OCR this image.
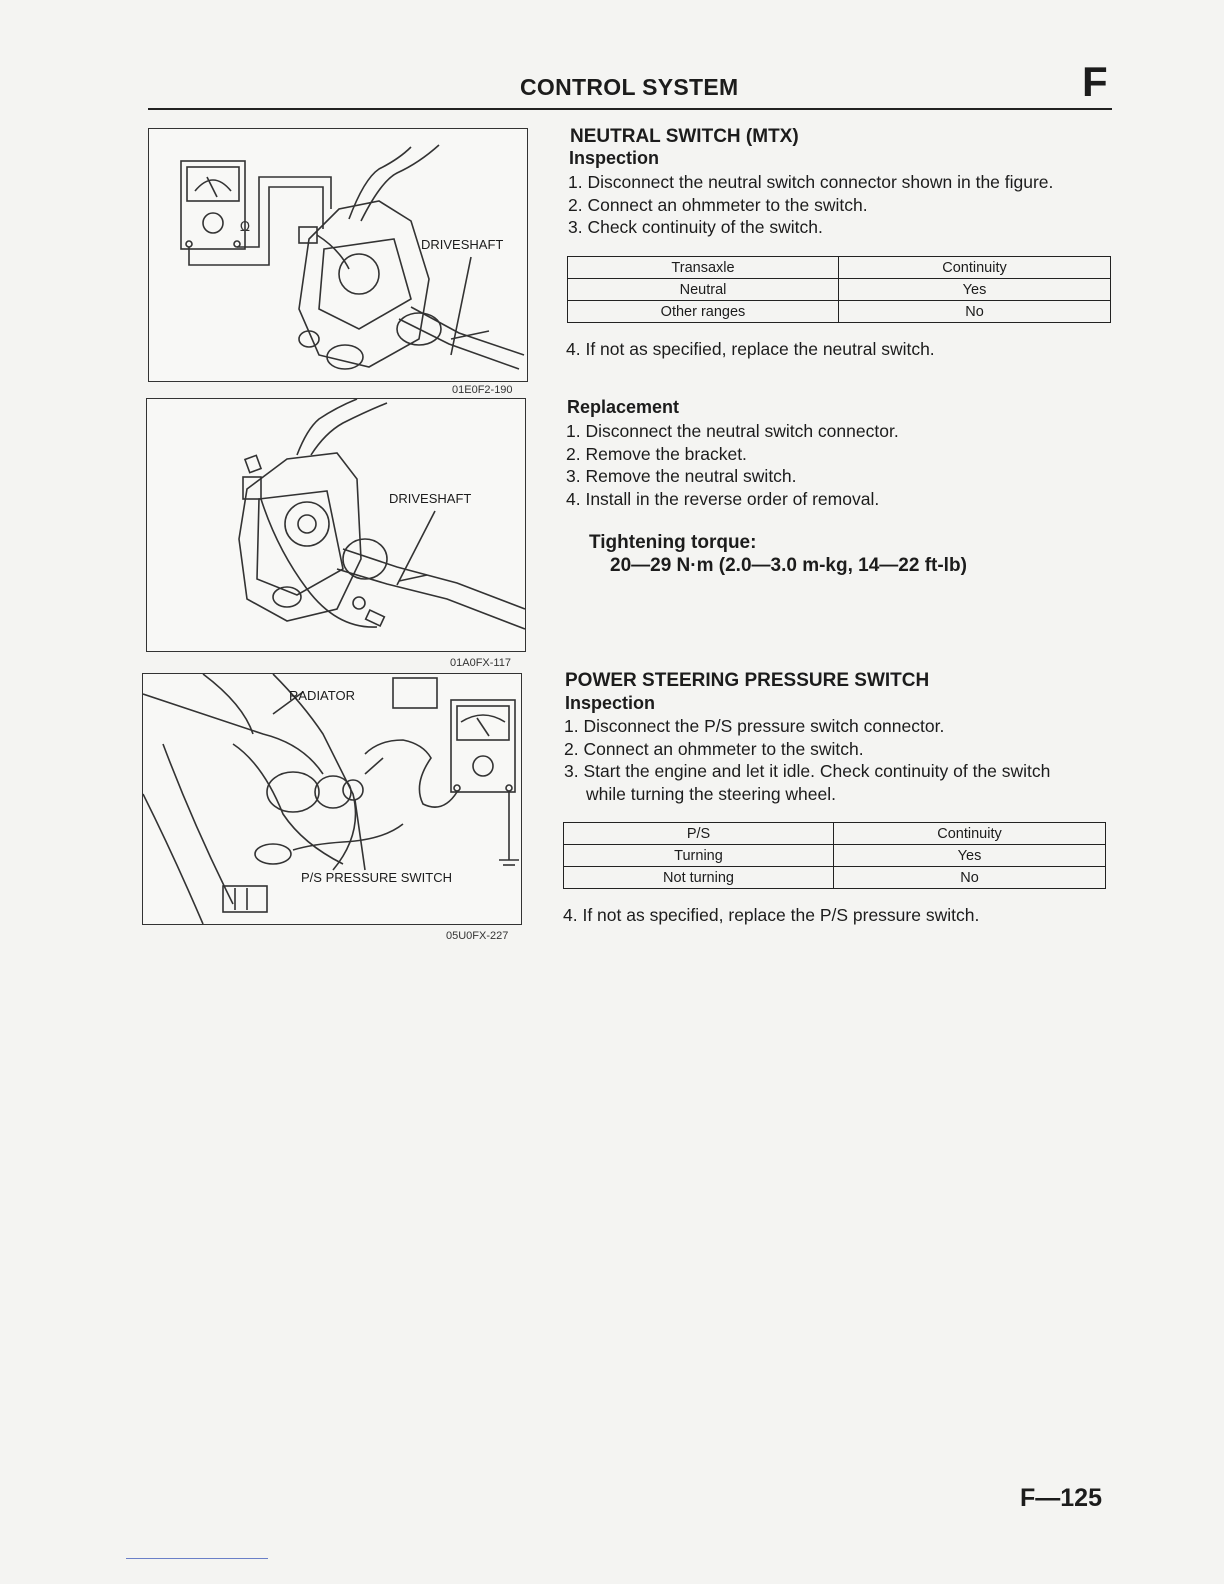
CONTROL SYSTEM	F
Ω
DRIVESHAFT
01E0F2-190
DRIVESHAFT
01A0FX-117
RADIATOR
P/S PRESSURE SWITCH
05U0FX-227
NEUTRAL SWITCH (MTX)
Inspection
1. Disconnect the neutral switch connector shown in the figure.
2. Connect an ohmmeter to the switch.
3. Check continuity of the switch.
Transaxle	Continuity
Neutral	Yes
Other ranges	No
4. If not as specified, replace the neutral switch.
Replacement
1. Disconnect the neutral switch connector.
2. Remove the bracket.
3. Remove the neutral switch.
4. Install in the reverse order of removal.
Tightening torque:
20—29 N·m (2.0—3.0 m-kg, 14—22 ft-lb)
POWER STEERING PRESSURE SWITCH
Inspection
1. Disconnect the P/S pressure switch connector.
2. Connect an ohmmeter to the switch.
3. Start the engine and let it idle. Check continuity of the switch
while turning the steering wheel.
P/S	Continuity
Turning	Yes
Not turning	No
4. If not as specified, replace the P/S pressure switch.
F—125
